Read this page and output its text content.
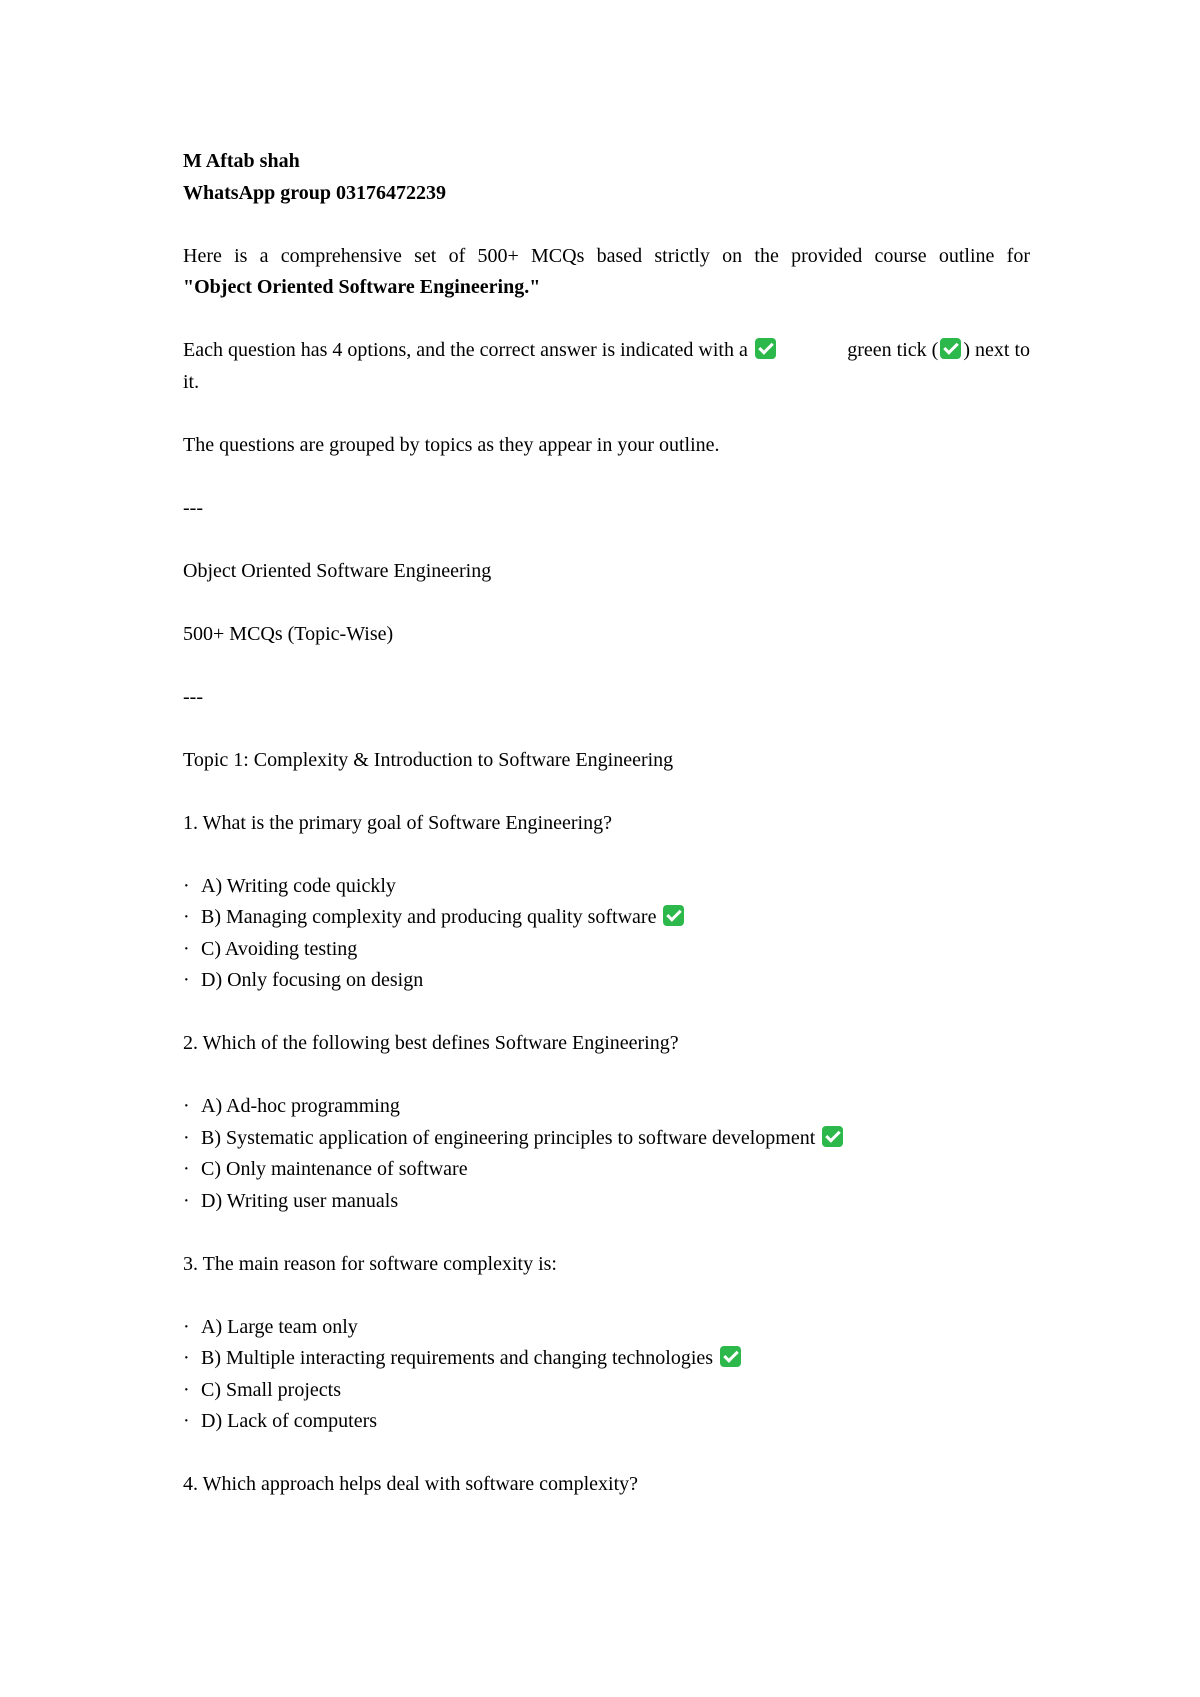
M Aftab shah
WhatsApp group 03176472239
Here is a comprehensive set of 500+ MCQs based strictly on the provided course outline for
"Object Oriented Software Engineering."
Each question has 4 options, and the correct answer is indicated with a	green tick ( ) next to
it.
The questions are grouped by topics as they appear in your outline.
---
Object Oriented Software Engineering
500+ MCQs (Topic-Wise)
---
Topic 1: Complexity & Introduction to Software Engineering
1. What is the primary goal of Software Engineering?
· A) Writing code quickly
· B) Managing complexity and producing quality software
· C) Avoiding testing
· D) Only focusing on design
2. Which of the following best defines Software Engineering?
· A) Ad-hoc programming
· B) Systematic application of engineering principles to software development
· C) Only maintenance of software
· D) Writing user manuals
3. The main reason for software complexity is:
· A) Large team only
· B) Multiple interacting requirements and changing technologies
· C) Small projects
· D) Lack of computers
4. Which approach helps deal with software complexity?
